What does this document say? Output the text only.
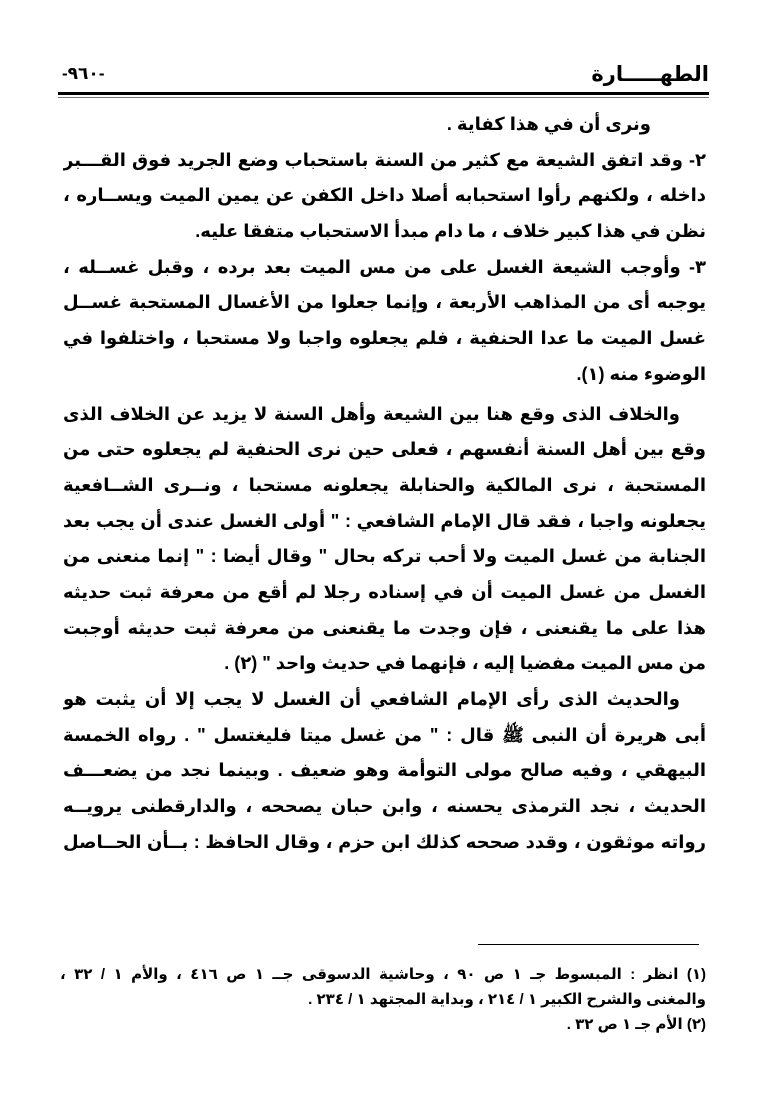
الطهـــــارة
-٩٦٠-
ونرى أن في هذا كفاية .
٢- وقد اتفق الشيعة مع كثير من السنة باستحباب وضع الجريد فوق القـــبر
داخله ، ولكنهم رأوا استحبابه أصلا داخل الكفن عن يمين الميت ويســاره ،
نظن في هذا كبير خلاف ، ما دام مبدأ الاستحباب متفقا عليه.
٣- وأوجب الشيعة الغسل على من مس الميت بعد برده ، وقبل غســله ،
يوجبه أى من المذاهب الأربعة ، وإنما جعلوا من الأغسال المستحبة غســل
غسل الميت ما عدا الحنفية ، فلم يجعلوه واجبا ولا مستحبا ، واختلفوا في
الوضوء منه (١).
والخلاف الذى وقع هنا بين الشيعة وأهل السنة لا يزيد عن الخلاف الذى
وقع بين أهل السنة أنفسهم ، فعلى حين نرى الحنفية لم يجعلوه حتى من
المستحبة ، نرى المالكية والحنابلة يجعلونه مستحبا ، ونــرى الشــافعية
يجعلونه واجبا ، فقد قال الإمام الشافعي : " أولى الغسل عندى أن يجب بعد
الجنابة من غسل الميت ولا أحب تركه بحال " وقال أيضا : " إنما منعنى من
الغسل من غسل الميت أن في إسناده رجلا لم أقع من معرفة ثبت حديثه
هذا على ما يقنعنى ، فإن وجدت ما يقنعنى من معرفة ثبت حديثه أوجبت
من مس الميت مفضيا إليه ، فإنهما في حديث واحد " (٢) .
والحديث الذى رأى الإمام الشافعي أن الغسل لا يجب إلا أن يثبت هو
أبى هريرة أن النبى ﷺ قال : " من غسل ميتا فليغتسل " . رواه الخمسة
البيهقي ، وفيه صالح مولى التوأمة وهو ضعيف . وبينما نجد من يضعـــف
الحديث ، نجد الترمذى يحسنه ، وابن حبان يصححه ، والدارقطنى يرويــه
رواته موثقون ، وقدد صححه كذلك ابن حزم ، وقال الحافظ : بــأن الحــاصل
(١) انظر : المبسوط جـ ١ ص ٩٠ ، وحاشية الدسوقى جــ ١ ص ٤١٦ ، والأم ١ / ٣٢ ،
والمغنى والشرح الكبير ١ / ٢١٤ ، وبداية المجتهد ١ / ٢٣٤ .
(٢) الأم جـ ١ ص ٣٢ .
